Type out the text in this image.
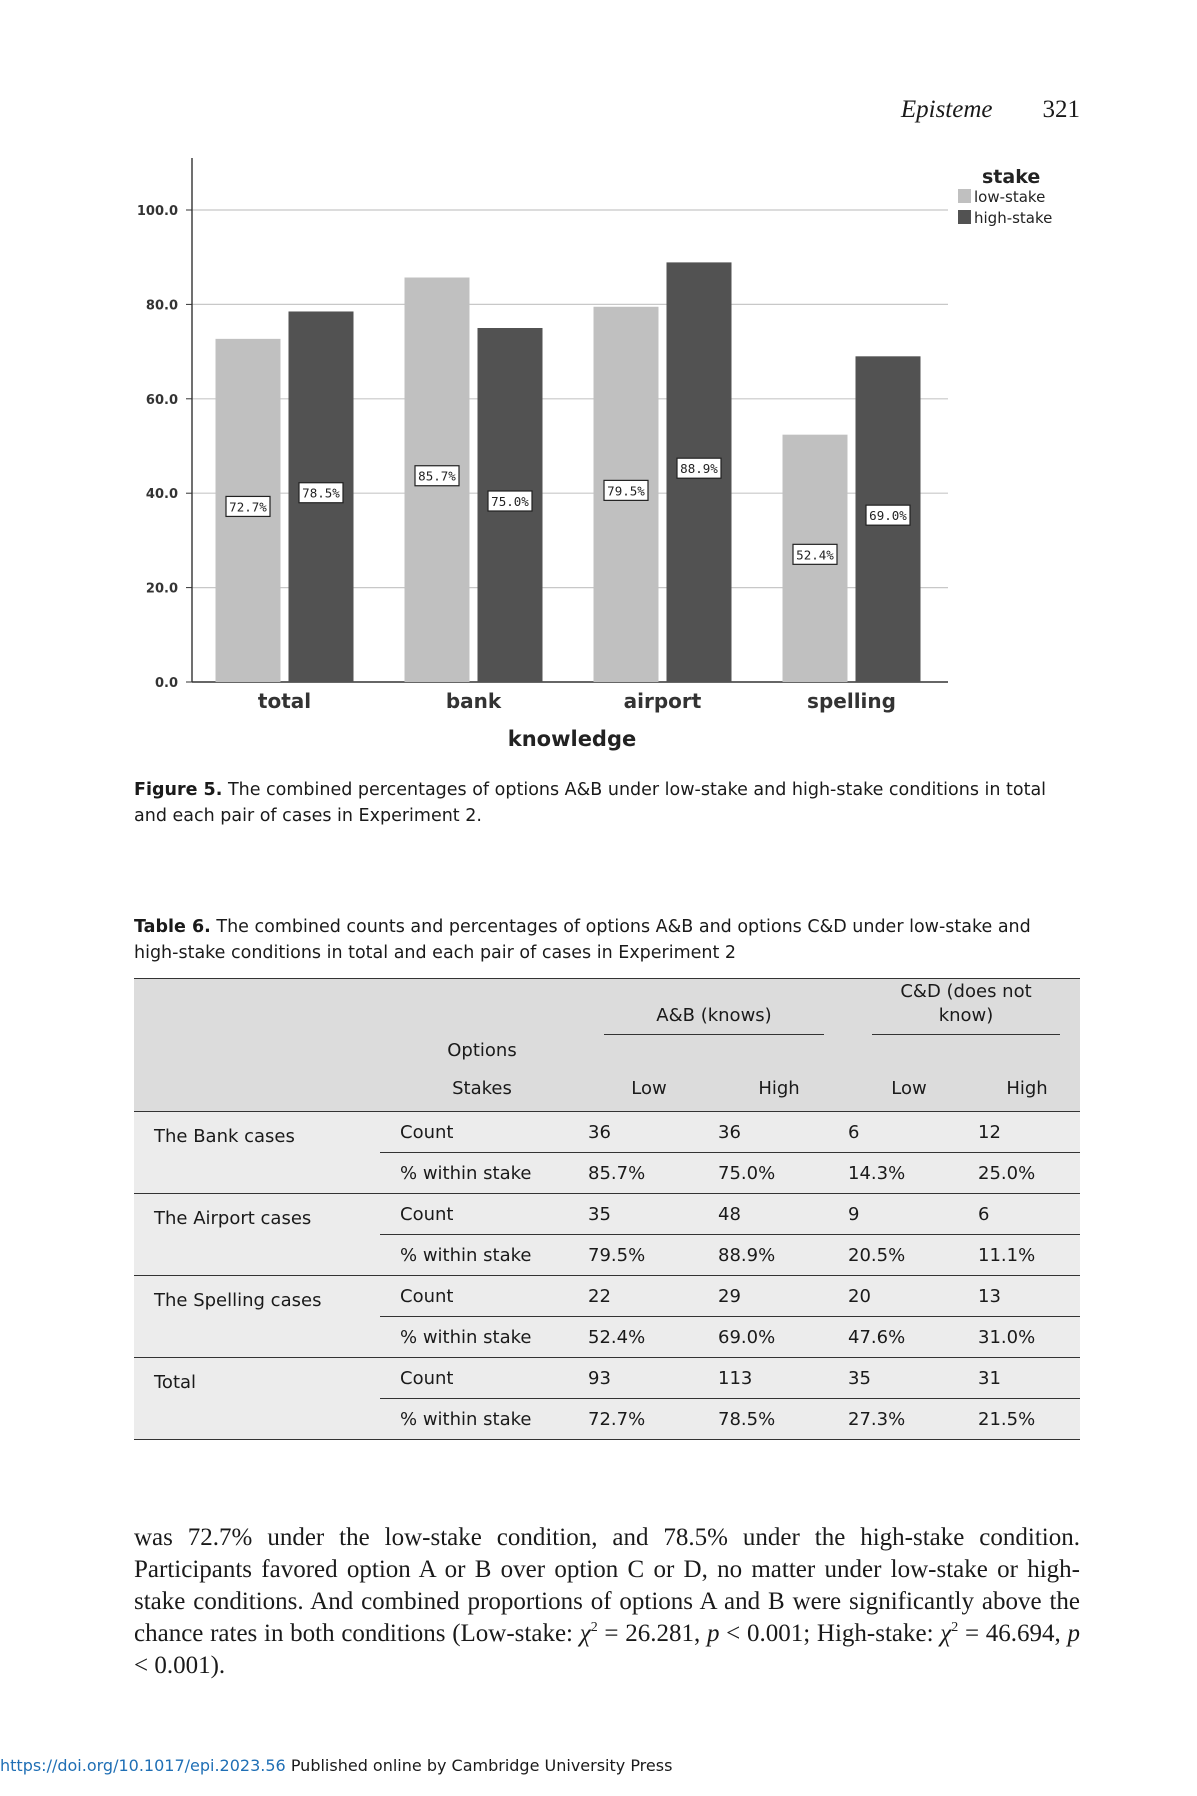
Episteme 321
0.0
20.0
40.0
60.0
80.0
100.0
total	bank	airport	spelling
knowledge
72.7%
78.5%
85.7%
75.0%
79.5%
88.9%
52.4%
69.0%
stake
low-stake
high-stake
Figure 5. The combined percentages of options A&B under low-stake and high-stake conditions in total and each pair of cases in Experiment 2.
Table 6. The combined counts and percentages of options A&B and options C&D under low-stake and high-stake conditions in total and each pair of cases in Experiment 2
	Options	A&B (knows)		C&D (does not know)	

	Stakes	Low	High	Low	High
The Bank cases	Count	36	36	6	12
	% within stake	85.7%	75.0%	14.3%	25.0%
The Airport cases	Count	35	48	9	6
	% within stake	79.5%	88.9%	20.5%	11.1%
The Spelling cases	Count	22	29	20	13
	% within stake	52.4%	69.0%	47.6%	31.0%
Total	Count	93	113	35	31
	% within stake	72.7%	78.5%	27.3%	21.5%
was 72.7% under the low-stake condition, and 78.5% under the high-stake condition. Participants favored option A or B over option C or D, no matter under low-stake or high-stake conditions. And combined proportions of options A and B were significantly above the chance rates in both conditions (Low-stake: $\chi^2 = 26.281$, p < 0.001; High-stake: $\chi^2 = 46.694$, p < 0.001).
https://doi.org/10.1017/epi.2023.56 Published online by Cambridge University Press
